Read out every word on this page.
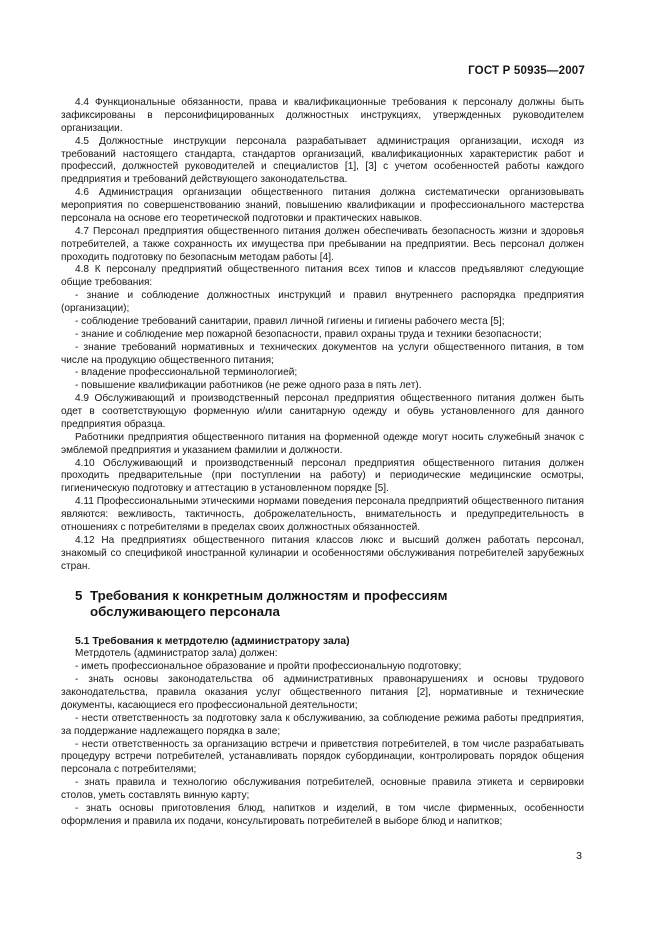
ГОСТ Р 50935—2007

4.4 Функциональные обязанности, права и квалификационные требования к персоналу должны быть зафиксированы в персонифицированных должностных инструкциях, утвержденных руководителем организации.

4.5 Должностные инструкции персонала разрабатывает администрация организации, исходя из требований настоящего стандарта, стандартов организаций, квалификационных характеристик работ и профессий, должностей руководителей и специалистов [1], [3] с учетом особенностей работы каждого предприятия и требований действующего законодательства.

4.6 Администрация организации общественного питания должна систематически организовывать мероприятия по совершенствованию знаний, повышению квалификации и профессионального мастерства персонала на основе его теоретической подготовки и практических навыков.

4.7 Персонал предприятия общественного питания должен обеспечивать безопасность жизни и здоровья потребителей, а также сохранность их имущества при пребывании на предприятии. Весь персонал должен проходить подготовку по безопасным методам работы [4].

4.8 К персоналу предприятий общественного питания всех типов и классов предъявляют следующие общие требования:

- знание и соблюдение должностных инструкций и правил внутреннего распорядка предприятия (организации);

- соблюдение требований санитарии, правил личной гигиены и гигиены рабочего места [5];

- знание и соблюдение мер пожарной безопасности, правил охраны труда и техники безопасности;

- знание требований нормативных и технических документов на услуги общественного питания, в том числе на продукцию общественного питания;

- владение профессиональной терминологией;

- повышение квалификации работников (не реже одного раза в пять лет).

4.9 Обслуживающий и производственный персонал предприятия общественного питания должен быть одет в соответствующую форменную и/или санитарную одежду и обувь установленного для данного предприятия образца.

Работники предприятия общественного питания на форменной одежде могут носить служебный значок с эмблемой предприятия и указанием фамилии и должности.

4.10 Обслуживающий и производственный персонал предприятия общественного питания должен проходить предварительные (при поступлении на работу) и периодические медицинские осмотры, гигиеническую подготовку и аттестацию в установленном порядке [5].

4.11 Профессиональными этическими нормами поведения персонала предприятий общественного питания являются: вежливость, тактичность, доброжелательность, внимательность и предупредительность в отношениях с потребителями в пределах своих должностных обязанностей.

4.12 На предприятиях общественного питания классов люкс и высший должен работать персонал, знакомый со спецификой иностранной кулинарии и особенностями обслуживания потребителей зарубежных стран.

5 Требования к конкретным должностям и профессиям
обслуживающего персонала
5.1 Требования к метрдотелю (администратору зала)

Метрдотель (администратор зала) должен:

- иметь профессиональное образование и пройти профессиональную подготовку;

- знать основы законодательства об административных правонарушениях и основы трудового законодательства, правила оказания услуг общественного питания [2], нормативные и технические документы, касающиеся его профессиональной деятельности;

- нести ответственность за подготовку зала к обслуживанию, за соблюдение режима работы предприятия, за поддержание надлежащего порядка в зале;

- нести ответственность за организацию встречи и приветствия потребителей, в том числе разрабатывать процедуру встречи потребителей, устанавливать порядок субординации, контролировать порядок общения персонала с потребителями;

- знать правила и технологию обслуживания потребителей, основные правила этикета и сервировки столов, уметь составлять винную карту;

- знать основы приготовления блюд, напитков и изделий, в том числе фирменных, особенности оформления и правила их подачи, консультировать потребителей в выборе блюд и напитков;

3
